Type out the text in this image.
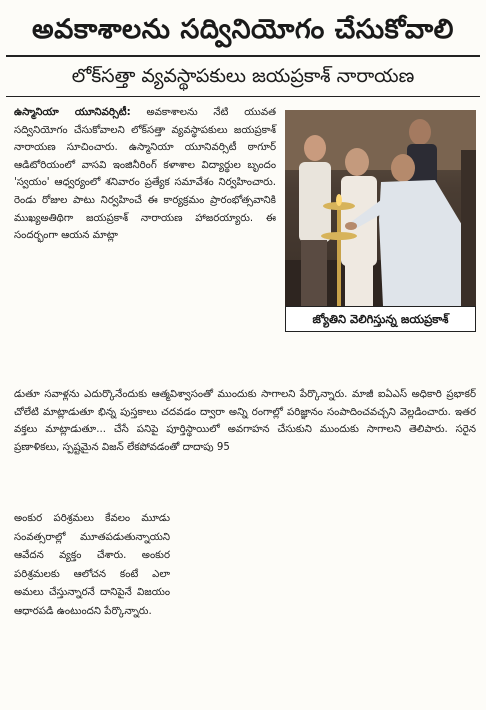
అవకాశాలను సద్వినియోగం చేసుకోవాలి
లోక్‌సత్తా వ్యవస్థాపకులు జయప్రకాశ్ నారాయణ
ఉస్మానియా యూనివర్సిటీ: అవకాశాలను నేటి యువత సద్వినియోగం చేసుకోవాలని లోక్‌సత్తా వ్యవస్థాపకులు జయప్రకాశ్ నారాయణ సూచించారు. ఉస్మానియా యూనివర్సిటీ ఠాగూర్ ఆడిటోరియంలో వాసవి ఇంజినీరింగ్ కళాశాల విద్యార్థుల బృందం 'స్వయం' ఆధ్వర్యంలో శనివారం ప్రత్యేక సమావేశం నిర్వహించారు. రెండు రోజుల పాటు నిర్వహించే ఈ కార్యక్రమం ప్రారంభోత్సవానికి ముఖ్యఅతిథిగా జయప్రకాశ్ నారాయణ హాజరయ్యారు. ఈ సందర్భంగా ఆయన మాట్లా
జ్యోతిని వెలిగిస్తున్న జయప్రకాశ్
డుతూ సవాళ్లను ఎదుర్కొనేందుకు ఆత్మవిశ్వాసంతో ముందుకు సాగాలని పేర్కొన్నారు. మాజీ ఐఏఎస్ అధికారి ప్రభాకర్ చోలేటి మాట్లాడుతూ భిన్న పుస్తకాలు చదవడం ద్వారా అన్ని రంగాల్లో పరిజ్ఞానం సంపాదించవచ్చని వెల్లడించారు. ఇతర వక్తలు మాట్లాడుతూ... చేసే పనిపై పూర్తిస్థాయిలో అవగాహన చేసుకుని ముందుకు సాగాలని తెలిపారు. సరైన ప్రణాళికలు, స్పష్టమైన విజన్ లేకపోవడంతో దాదాపు 95
అంకుర పరిశ్రమలు కేవలం మూడు సంవత్సరాల్లో మూతపడుతున్నాయని ఆవేదన వ్యక్తం చేశారు. అంకుర పరిశ్రమలకు ఆలోచన కంటే ఎలా అమలు చేస్తున్నారనే దానిపైనే విజయం ఆధారపడి ఉంటుందని పేర్కొన్నారు.
